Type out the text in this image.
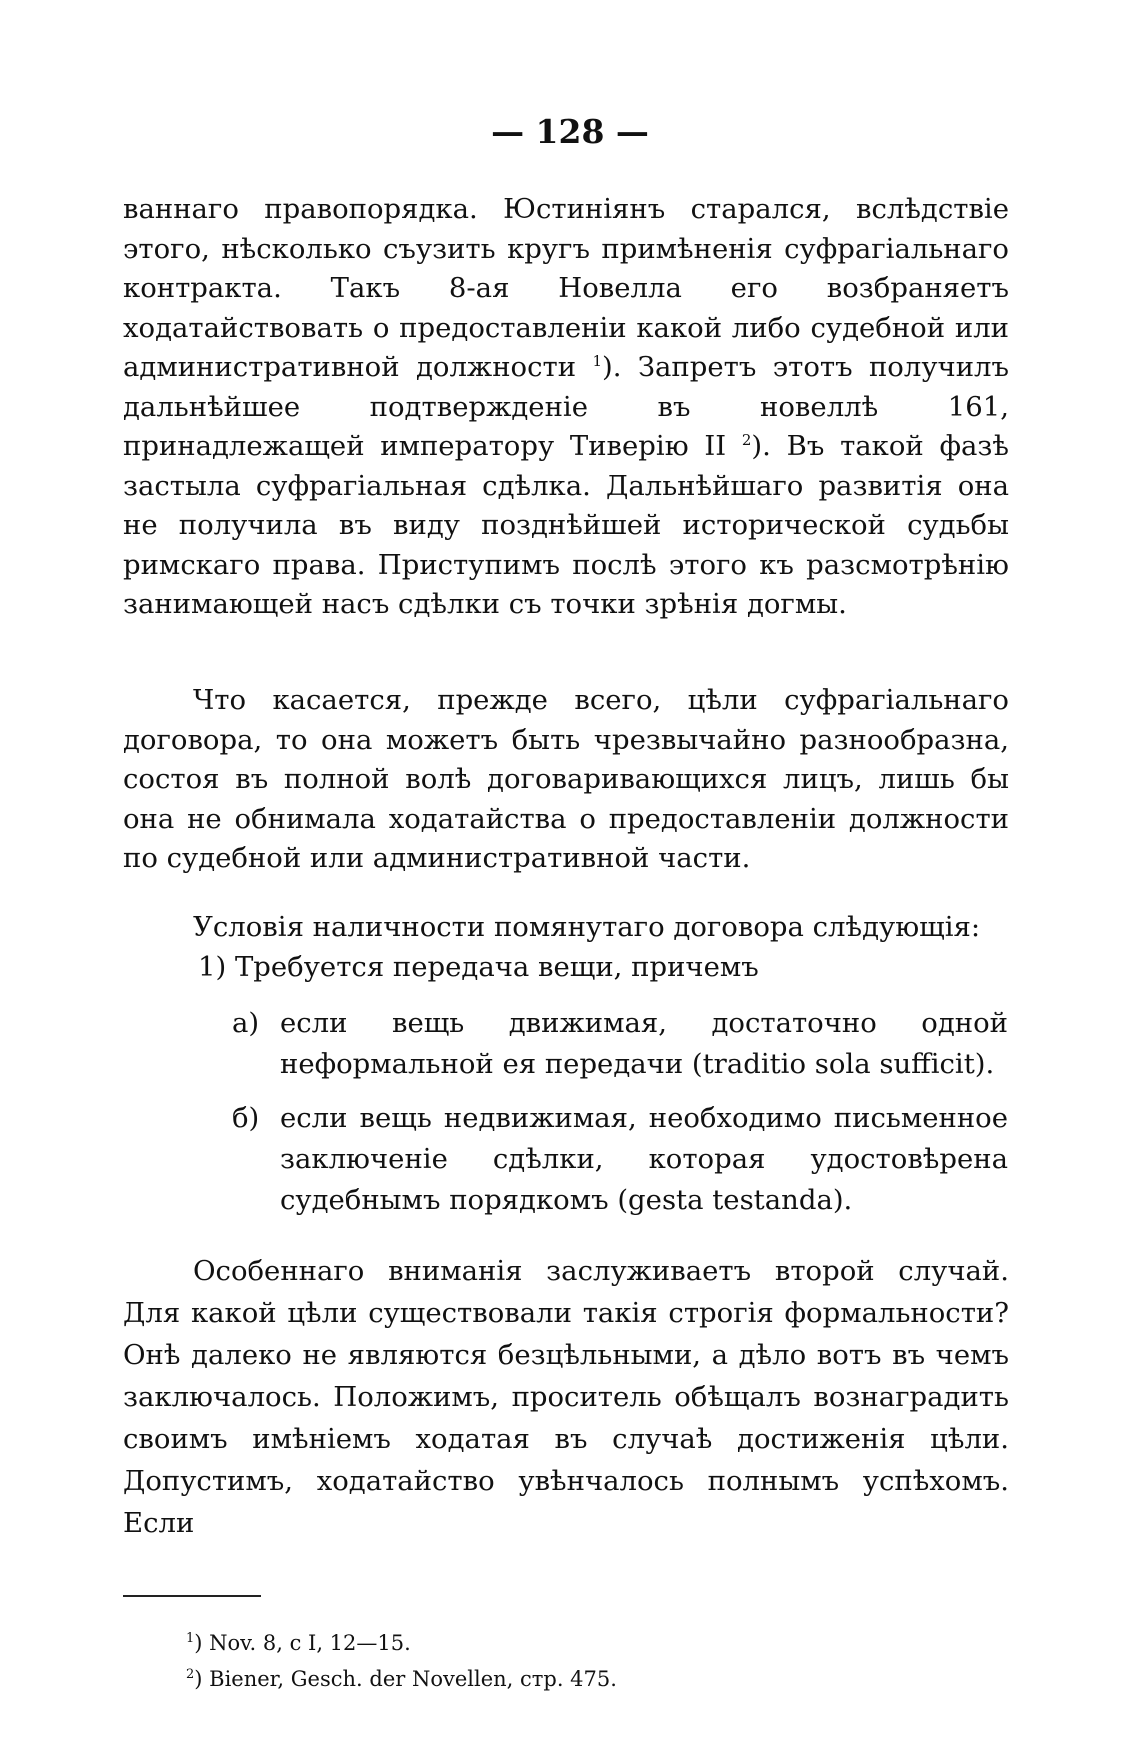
— 128 —

ваннаго правопорядка. Юстиніянъ старался, вслѣдствіе этого, нѣсколько съузить кругъ примѣненія суфрагіальнаго контракта. Такъ 8-ая Новелла его возбраняетъ ходатайствовать о предоставленіи какой либо судебной или административной должности $^1$). Запретъ этотъ получилъ дальнѣйшее подтвержденіе въ новеллѣ 161, принадлежащей императору Тиверію II $^2$). Въ такой фазѣ застыла суфрагіальная сдѣлка. Дальнѣйшаго развитія она не получила въ виду позднѣйшей исторической судьбы римскаго права. Приступимъ послѣ этого къ разсмотрѣнію занимающей насъ сдѣлки съ точки зрѣнія догмы.

Что касается, прежде всего, цѣли суфрагіальнаго договора, то она можетъ быть чрезвычайно разнообразна, состоя въ полной волѣ договаривающихся лицъ, лишь бы она не обнимала ходатайства о предоставленіи должности по судебной или административной части.

Условія наличности помянутаго договора слѣдующія:

1) Требуется передача вещи, причемъ
а) если вещь движимая, достаточно одной неформальной ея передачи (traditio sola sufficit).
б) если вещь недвижимая, необходимо письменное заключеніе сдѣлки, которая удостовѣрена судебнымъ порядкомъ (gesta testanda).

Особеннаго вниманія заслуживаетъ второй случай. Для какой цѣли существовали такія строгія формальности? Онѣ далеко не являются безцѣльными, а дѣло вотъ въ чемъ заключалось. Положимъ, проситель обѣщалъ вознаградить своимъ имѣніемъ ходатая въ случаѣ достиженія цѣли. Допустимъ, ходатайство увѣнчалось полнымъ успѣхомъ. Если

$^1$) Nov. 8, c I, 12—15.
$^2$) Biener, Gesch. der Novellen, стр. 475.
